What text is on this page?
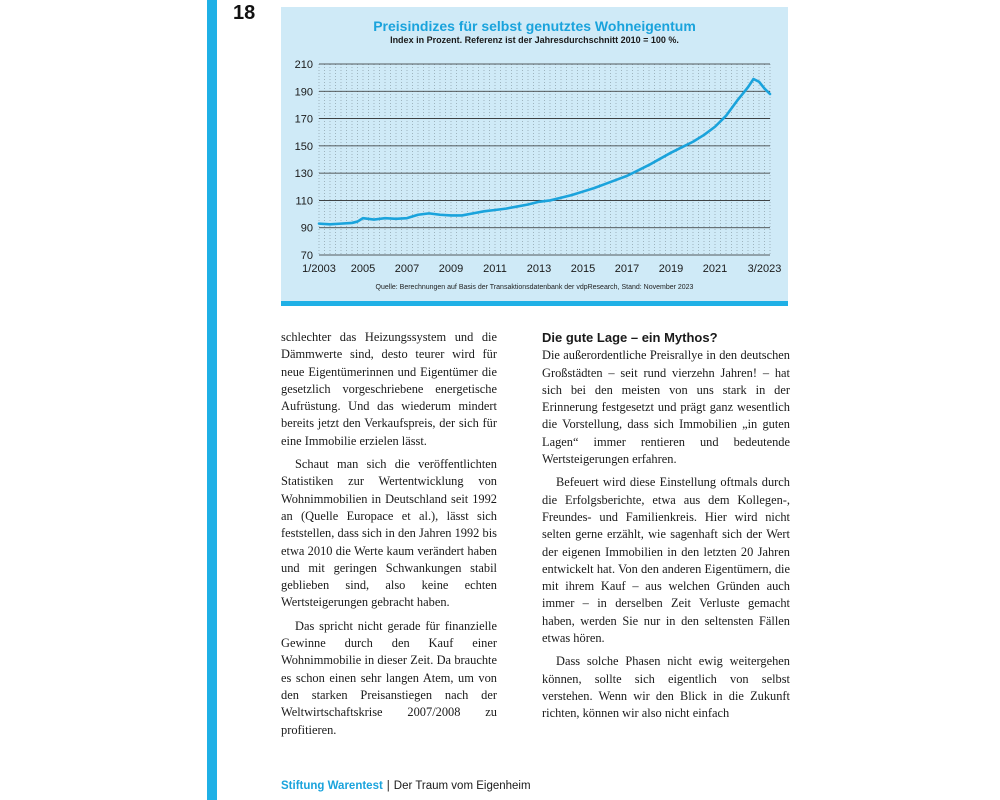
18
Preisindizes für selbst genutztes Wohneigentum
Index in Prozent. Referenz ist der Jahresdurchschnitt 2010 = 100 %.
70
90
110
130
150
170
190
210
1/2003 2005 2007 2009 2011 2013 2015 2017 2019 2021 3/2023
Quelle: Berechnungen auf Basis der Transaktionsdatenbank der vdpResearch, Stand: November 2023

schlechter das Heizungssystem und die Dämmwerte sind, desto teurer wird für neue Eigentümerinnen und Eigentümer die gesetzlich vorgeschriebene energetische Aufrüstung. Und das wiederum mindert bereits jetzt den Verkaufspreis, der sich für eine Immobilie erzielen lässt.

Schaut man sich die veröffentlichten Statistiken zur Wertentwicklung von Wohnimmobilien in Deutschland seit 1992 an (Quelle Europace et al.), lässt sich feststellen, dass sich in den Jahren 1992 bis etwa 2010 die Werte kaum verändert haben und mit geringen Schwankungen stabil geblieben sind, also keine echten Wertsteigerungen gebracht haben.

Das spricht nicht gerade für finanzielle Gewinne durch den Kauf einer Wohnimmobilie in dieser Zeit. Da brauchte es schon einen sehr langen Atem, um von den starken Preisanstiegen nach der Weltwirtschaftskrise 2007/2008 zu profitieren.

Die gute Lage – ein Mythos?

Die außerordentliche Preisrallye in den deutschen Großstädten – seit rund vierzehn Jahren! – hat sich bei den meisten von uns stark in der Erinnerung festgesetzt und prägt ganz wesentlich die Vorstellung, dass sich Immobilien „in guten Lagen“ immer rentieren und bedeutende Wertsteigerungen erfahren.

Befeuert wird diese Einstellung oftmals durch die Erfolgsberichte, etwa aus dem Kollegen-, Freundes- und Familienkreis. Hier wird nicht selten gerne erzählt, wie sagenhaft sich der Wert der eigenen Immobilien in den letzten 20 Jahren entwickelt hat. Von den anderen Eigentümern, die mit ihrem Kauf – aus welchen Gründen auch immer – in derselben Zeit Verluste gemacht haben, werden Sie nur in den seltensten Fällen etwas hören.

Dass solche Phasen nicht ewig weitergehen können, sollte sich eigentlich von selbst verstehen. Wenn wir den Blick in die Zukunft richten, können wir also nicht einfach

Stiftung Warentest | Der Traum vom Eigenheim
